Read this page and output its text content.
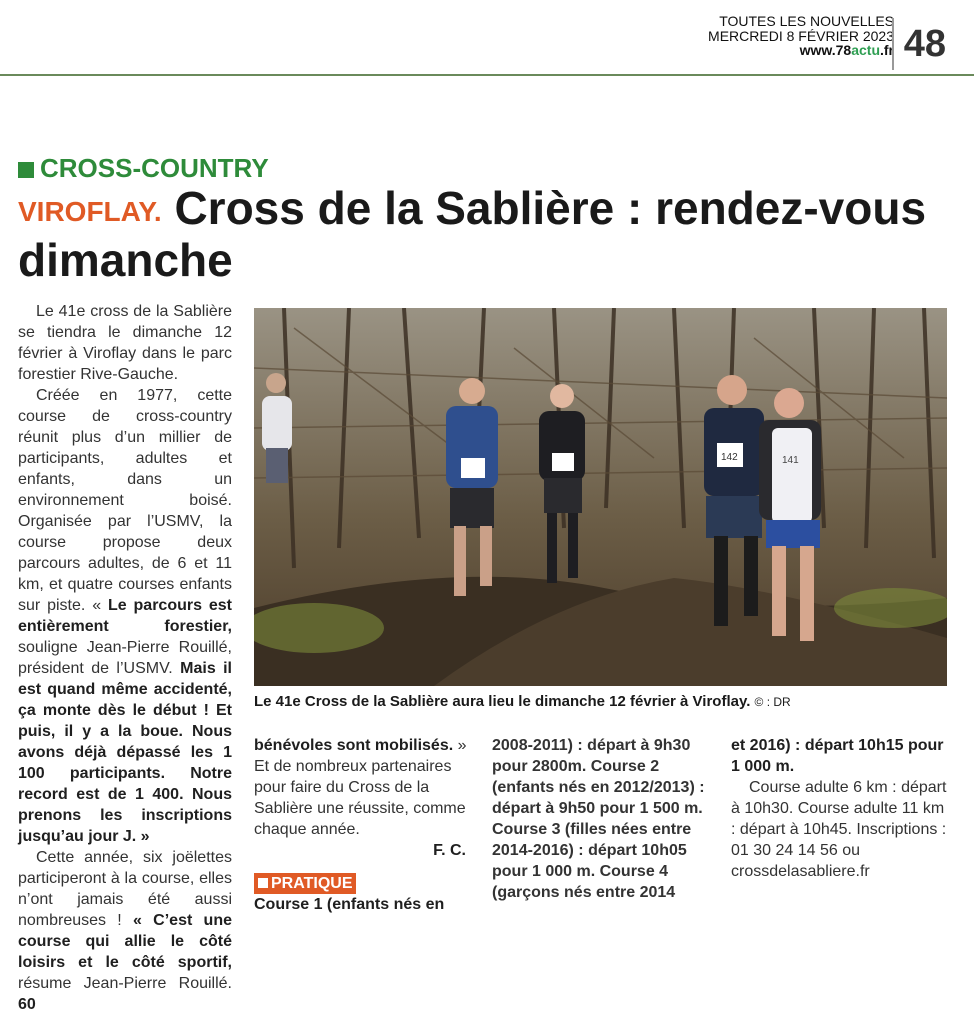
TOUTES LES NOUVELLES
MERCREDI 8 FÉVRIER 2023
www.78actu.fr 48
CROSS-COUNTRY
VIROFLAY. Cross de la Sablière : rendez-vous dimanche

Le 41e cross de la Sablière se tiendra le dimanche 12 février à Viroflay dans le parc forestier Rive-Gauche.

Créée en 1977, cette course de cross-country réunit plus d’un millier de participants, adultes et enfants, dans un environnement boisé. Organisée par l’USMV, la course propose deux parcours adultes, de 6 et 11 km, et quatre courses enfants sur piste. « Le parcours est entièrement forestier, souligne Jean-Pierre Rouillé, président de l’USMV. Mais il est quand même accidenté, ça monte dès le début ! Et puis, il y a la boue. Nous avons déjà dépassé les 1 100 participants. Notre record est de 1 400. Nous prenons les inscriptions jusqu’au jour J. »

Cette année, six joëlettes participeront à la course, elles n’ont jamais été aussi nombreuses ! « C’est une course qui allie le côté loisirs et le côté sportif, résume Jean-Pierre Rouillé. 60

142	141
Le 41e Cross de la Sablière aura lieu le dimanche 12 février à Viroflay. © : DR

bénévoles sont mobilisés. » Et de nombreux partenaires pour faire du Cross de la Sablière une réussite, comme chaque année.

F. C.

PRATIQUE

Course 1 (enfants nés en

2008-2011) : départ à 9h30 pour 2800m. Course 2 (enfants nés en 2012/2013) : départ à 9h50 pour 1 500 m. Course 3 (filles nées entre 2014-2016) : départ 10h05 pour 1 000 m. Course 4 (garçons nés entre 2014

et 2016) : départ 10h15 pour 1 000 m.

Course adulte 6 km : départ à 10h30. Course adulte 11 km : départ à 10h45. Inscriptions : 01 30 24 14 56 ou crossdelasabliere.fr
